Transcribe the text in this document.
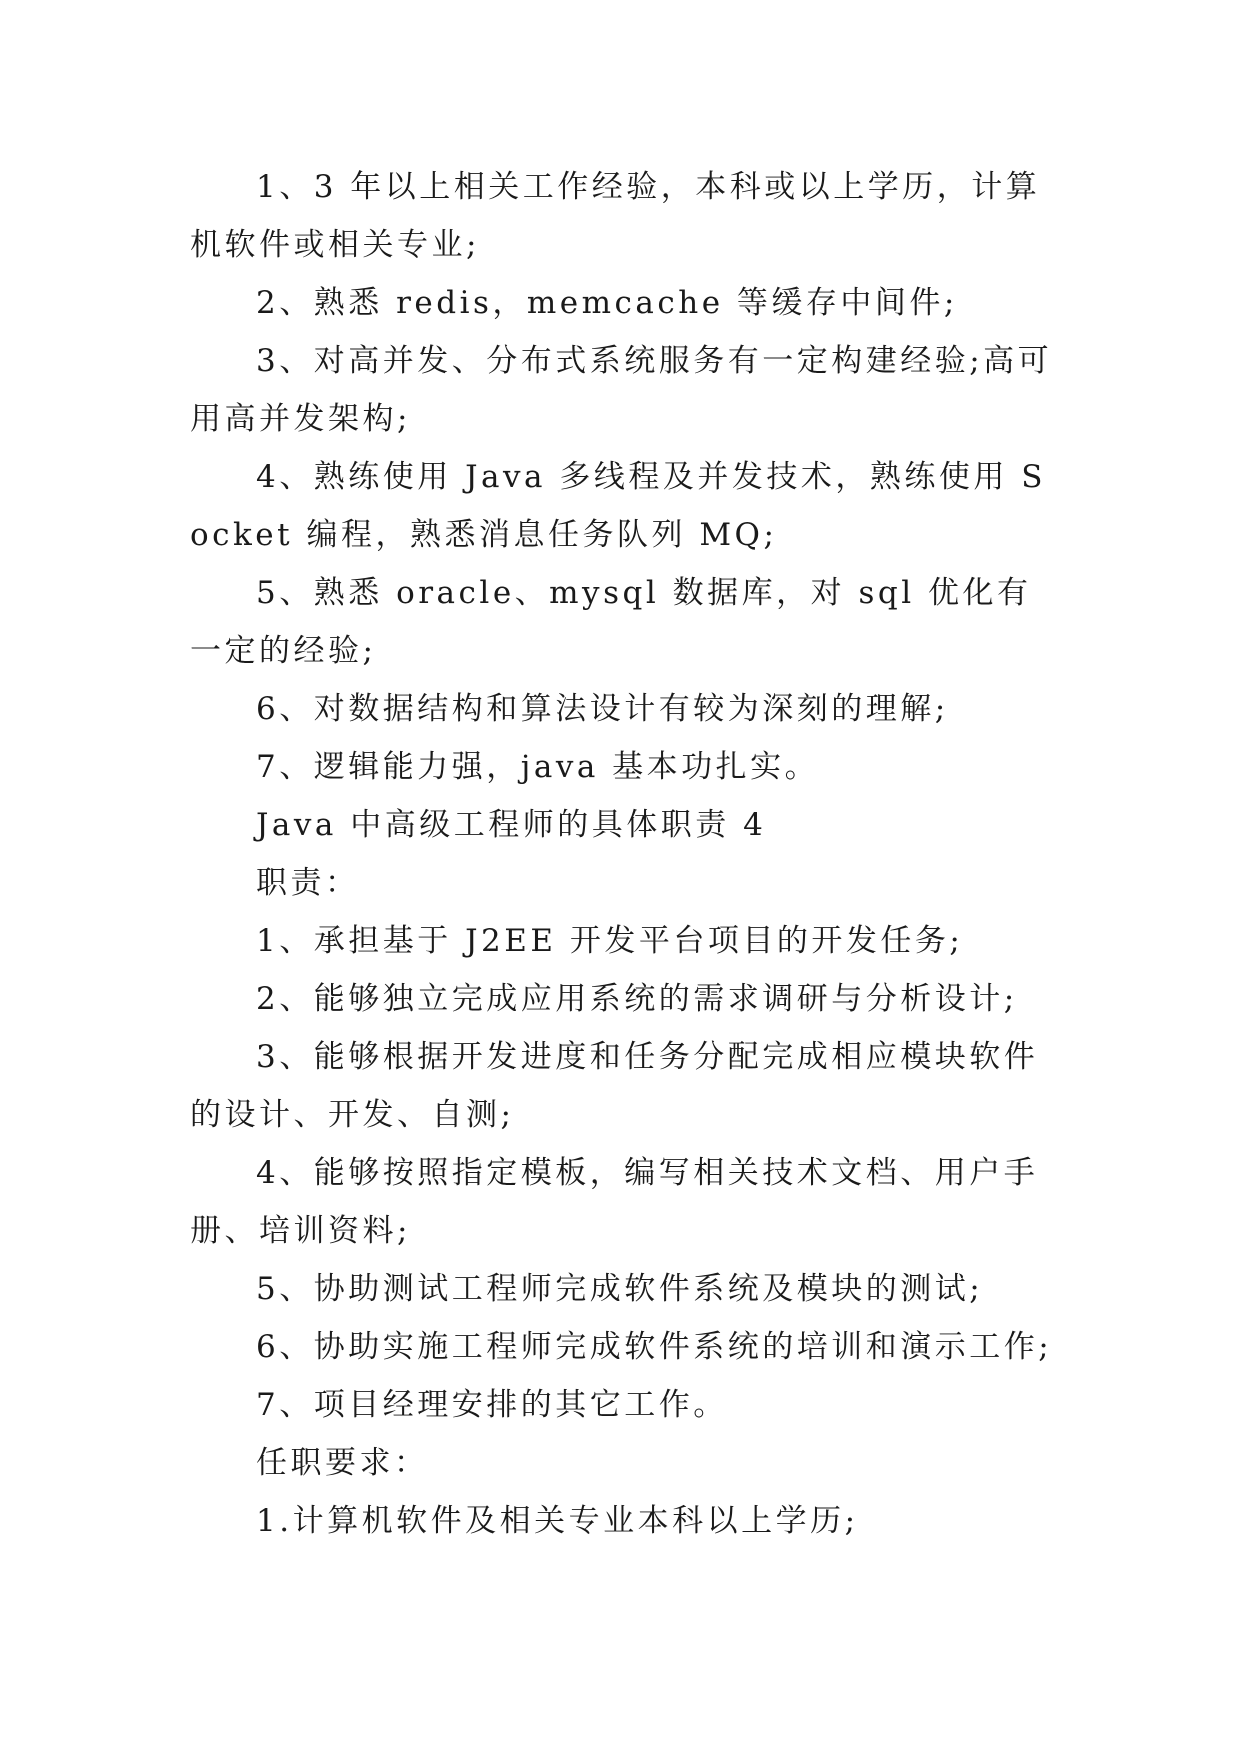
1、3 年以上相关工作经验，本科或以上学历，计算机软件或相关专业;

2、熟悉 redis，memcache 等缓存中间件;

3、对高并发、分布式系统服务有一定构建经验;高可用高并发架构;

4、熟练使用 Java 多线程及并发技术，熟练使用 Socket 编程，熟悉消息任务队列 MQ;

5、熟悉 oracle、mysql 数据库，对 sql 优化有一定的经验;

6、对数据结构和算法设计有较为深刻的理解;

7、逻辑能力强，java 基本功扎实。

Java 中高级工程师的具体职责 4

职责：

1、承担基于 J2EE 开发平台项目的开发任务;

2、能够独立完成应用系统的需求调研与分析设计;

3、能够根据开发进度和任务分配完成相应模块软件的设计、开发、自测;

4、能够按照指定模板，编写相关技术文档、用户手册、培训资料;

5、协助测试工程师完成软件系统及模块的测试;

6、协助实施工程师完成软件系统的培训和演示工作;

7、项目经理安排的其它工作。

任职要求：

1.计算机软件及相关专业本科以上学历;
